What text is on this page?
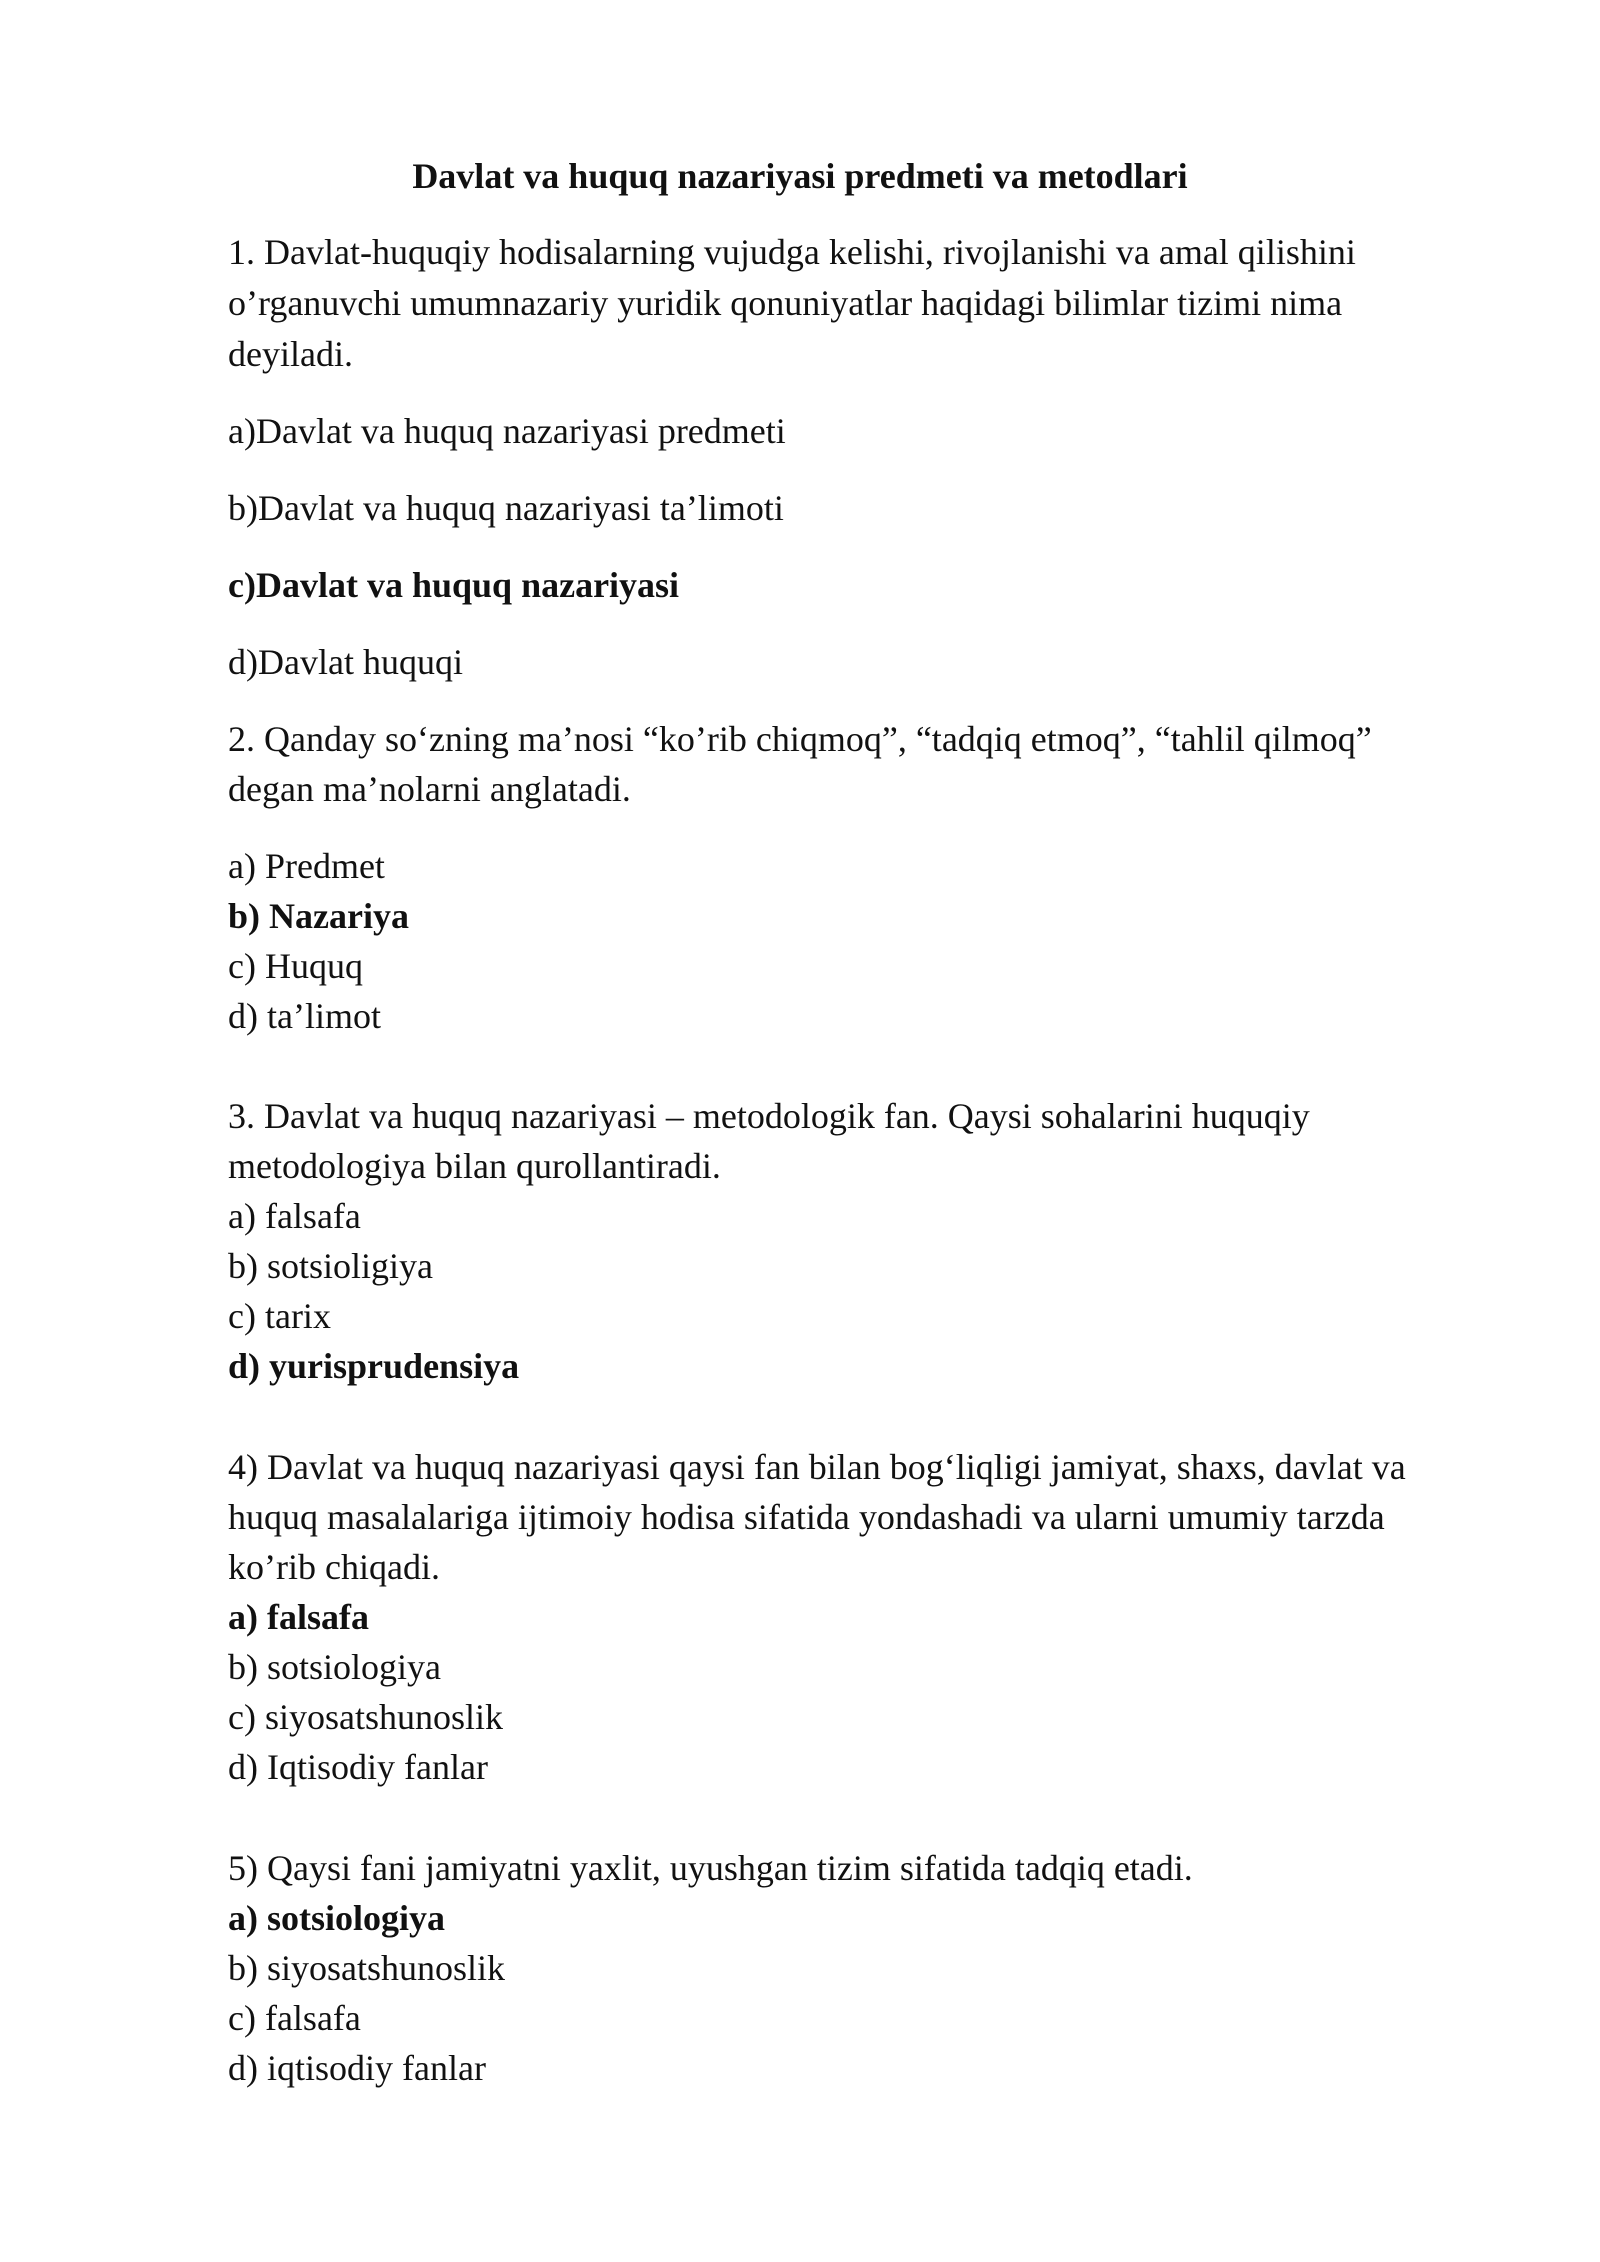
Davlat va huquq nazariyasi predmeti va metodlari

1. Davlat-huquqiy hodisalarning vujudga kelishi, rivojlanishi va amal qilishini

o’rganuvchi umumnazariy yuridik qonuniyatlar haqidagi bilimlar tizimi nima

deyiladi.

a)Davlat va huquq nazariyasi predmeti

b)Davlat va huquq nazariyasi ta’limoti

c)Davlat va huquq nazariyasi

d)Davlat huquqi

2. Qanday so‘zning ma’nosi “ko’rib chiqmoq”, “tadqiq etmoq”, “tahlil qilmoq”

degan ma’nolarni anglatadi.

a) Predmet

b) Nazariya

c) Huquq

d) ta’limot

3. Davlat va huquq nazariyasi – metodologik fan. Qaysi sohalarini huquqiy

metodologiya bilan qurollantiradi.

a) falsafa

b) sotsioligiya

c) tarix

d) yurisprudensiya

4) Davlat va huquq nazariyasi qaysi fan bilan bog‘liqligi jamiyat, shaxs, davlat va

huquq masalalariga ijtimoiy hodisa sifatida yondashadi va ularni umumiy tarzda

ko’rib chiqadi.

a) falsafa

b) sotsiologiya

c) siyosatshunoslik

d) Iqtisodiy fanlar

5) Qaysi fani jamiyatni yaxlit, uyushgan tizim sifatida tadqiq etadi.

a) sotsiologiya

b) siyosatshunoslik

c) falsafa

d) iqtisodiy fanlar
